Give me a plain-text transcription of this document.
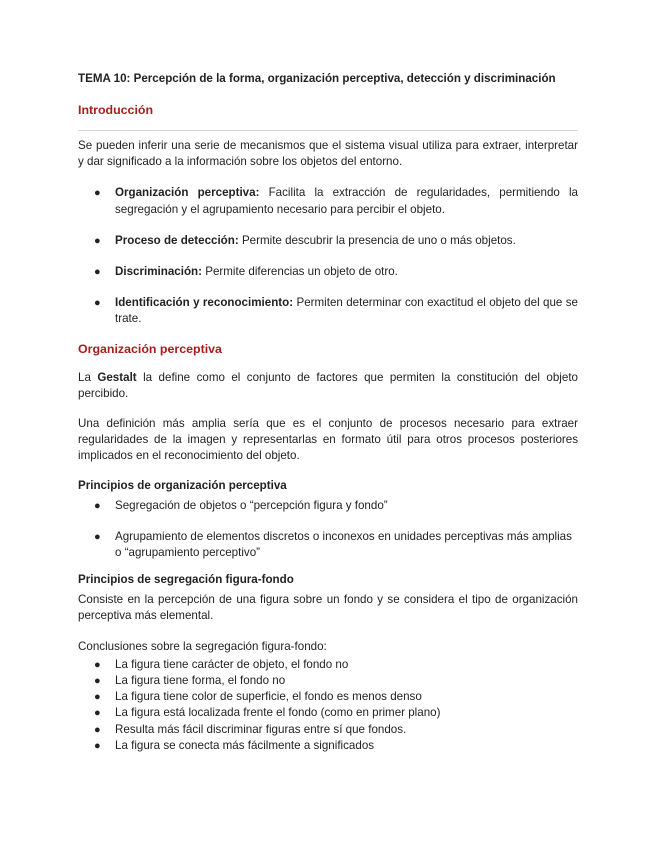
TEMA 10: Percepción de la forma, organización perceptiva, detección y discriminación

Introducción

Se pueden inferir una serie de mecanismos que el sistema visual utiliza para extraer, interpretar y dar significado a la información sobre los objetos del entorno.

● Organización perceptiva: Facilita la extracción de regularidades, permitiendo la segregación y el agrupamiento necesario para percibir el objeto.
● Proceso de detección: Permite descubrir la presencia de uno o más objetos.
● Discriminación: Permite diferencias un objeto de otro.
● Identificación y reconocimiento: Permiten determinar con exactitud el objeto del que se trate.

Organización perceptiva

La Gestalt la define como el conjunto de factores que permiten la constitución del objeto percibido.

Una definición más amplia sería que es el conjunto de procesos necesario para extraer regularidades de la imagen y representarlas en formato útil para otros procesos posteriores implicados en el reconocimiento del objeto.

Principios de organización perceptiva

● Segregación de objetos o “percepción figura y fondo”
● Agrupamiento de elementos discretos o inconexos en unidades perceptivas más amplias o “agrupamiento perceptivo”

Principios de segregación figura-fondo

Consiste en la percepción de una figura sobre un fondo y se considera el tipo de organización perceptiva más elemental.

Conclusiones sobre la segregación figura-fondo:

● La figura tiene carácter de objeto, el fondo no
● La figura tiene forma, el fondo no
● La figura tiene color de superficie, el fondo es menos denso
● La figura está localizada frente el fondo (como en primer plano)
● Resulta más fácil discriminar figuras entre sí que fondos.
● La figura se conecta más fácilmente a significados
